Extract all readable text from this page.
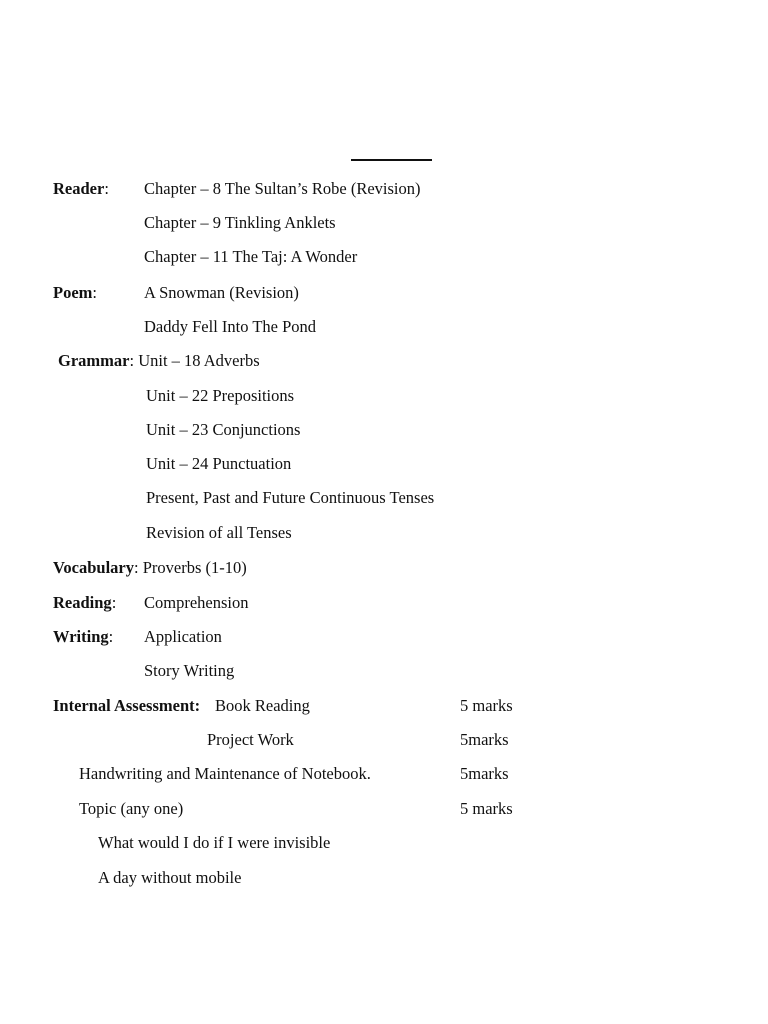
Reader: Chapter – 8 The Sultan’s Robe (Revision)
Chapter – 9 Tinkling Anklets
Chapter – 11 The Taj: A Wonder
Poem:	A Snowman (Revision)
Daddy Fell Into The Pond
Grammar: Unit – 18 Adverbs
Unit – 22 Prepositions
Unit – 23 Conjunctions
Unit – 24 Punctuation
Present, Past and Future Continuous Tenses
Revision of all Tenses
Vocabulary: Proverbs (1-10)
Reading: Comprehension
Writing: Application
Story Writing
Internal Assessment: Book Reading	5 marks
Project Work	5marks
Handwriting and Maintenance of Notebook.	5marks
Topic (any one)	5 marks
What would I do if I were invisible
A day without mobile
